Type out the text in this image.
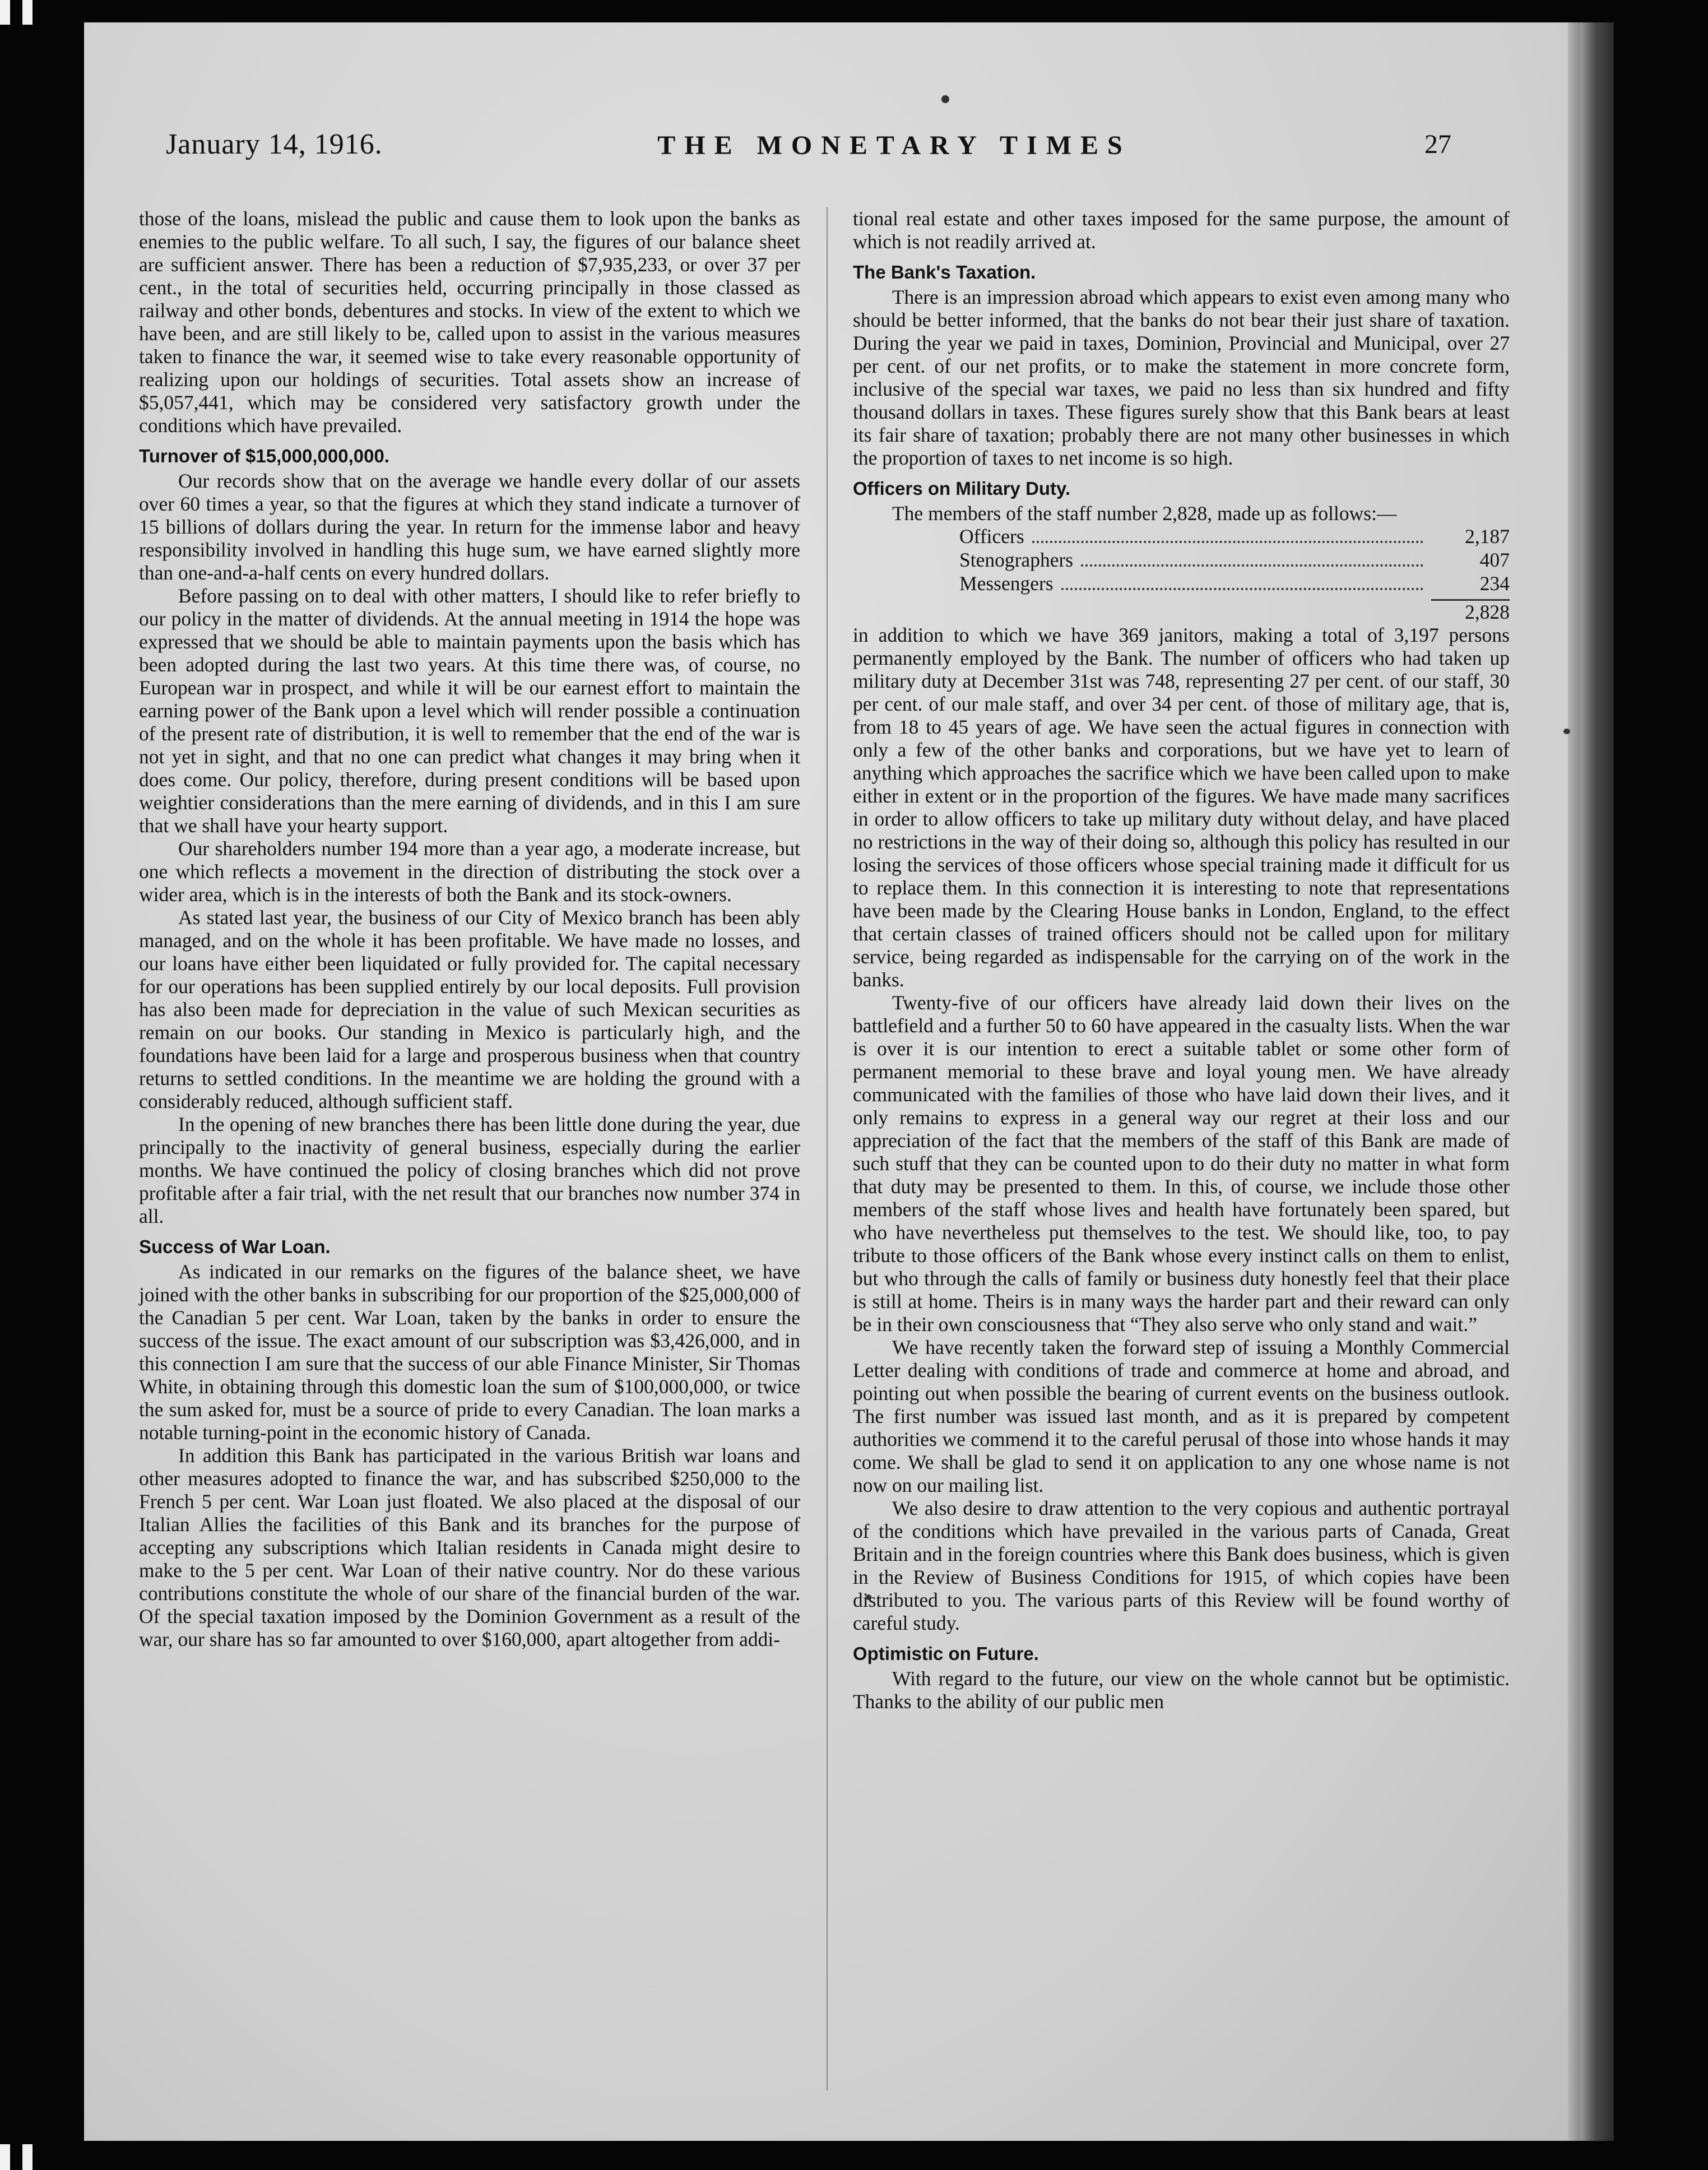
January 14, 1916.	THE MONETARY TIMES	27

those of the loans, mislead the public and cause them to look upon the banks as enemies to the public welfare. To all such, I say, the figures of our balance sheet are sufficient answer. There has been a reduction of $7,935,233, or over 37 per cent., in the total of securities held, occurring principally in those classed as railway and other bonds, debentures and stocks. In view of the extent to which we have been, and are still likely to be, called upon to assist in the various measures taken to finance the war, it seemed wise to take every reasonable opportunity of realizing upon our holdings of securities. Total assets show an increase of $5,057,441, which may be considered very satisfactory growth under the conditions which have prevailed.

Turnover of $15,000,000,000.

Our records show that on the average we handle every dollar of our assets over 60 times a year, so that the figures at which they stand indicate a turnover of 15 billions of dollars during the year. In return for the immense labor and heavy responsibility involved in handling this huge sum, we have earned slightly more than one-and-a-half cents on every hundred dollars.

Before passing on to deal with other matters, I should like to refer briefly to our policy in the matter of dividends. At the annual meeting in 1914 the hope was expressed that we should be able to maintain payments upon the basis which has been adopted during the last two years. At this time there was, of course, no European war in prospect, and while it will be our earnest effort to maintain the earning power of the Bank upon a level which will render possible a continuation of the present rate of distribution, it is well to remember that the end of the war is not yet in sight, and that no one can predict what changes it may bring when it does come. Our policy, therefore, during present conditions will be based upon weightier considerations than the mere earning of dividends, and in this I am sure that we shall have your hearty support.

Our shareholders number 194 more than a year ago, a moderate increase, but one which reflects a movement in the direction of distributing the stock over a wider area, which is in the interests of both the Bank and its stock-owners.

As stated last year, the business of our City of Mexico branch has been ably managed, and on the whole it has been profitable. We have made no losses, and our loans have either been liquidated or fully provided for. The capital necessary for our operations has been supplied entirely by our local deposits. Full provision has also been made for depreciation in the value of such Mexican securities as remain on our books. Our standing in Mexico is particularly high, and the foundations have been laid for a large and prosperous business when that country returns to settled conditions. In the meantime we are holding the ground with a considerably reduced, although sufficient staff.

In the opening of new branches there has been little done during the year, due principally to the inactivity of general business, especially during the earlier months. We have continued the policy of closing branches which did not prove profitable after a fair trial, with the net result that our branches now number 374 in all.

Success of War Loan.

As indicated in our remarks on the figures of the balance sheet, we have joined with the other banks in subscribing for our proportion of the $25,000,000 of the Canadian 5 per cent. War Loan, taken by the banks in order to ensure the success of the issue. The exact amount of our subscription was $3,426,000, and in this connection I am sure that the success of our able Finance Minister, Sir Thomas White, in obtaining through this domestic loan the sum of $100,000,000, or twice the sum asked for, must be a source of pride to every Canadian. The loan marks a notable turning-point in the economic history of Canada.

In addition this Bank has participated in the various British war loans and other measures adopted to finance the war, and has subscribed $250,000 to the French 5 per cent. War Loan just floated. We also placed at the disposal of our Italian Allies the facilities of this Bank and its branches for the purpose of accepting any subscriptions which Italian residents in Canada might desire to make to the 5 per cent. War Loan of their native country. Nor do these various contributions constitute the whole of our share of the financial burden of the war. Of the special taxation imposed by the Dominion Government as a result of the war, our share has so far amounted to over $160,000, apart altogether from addi-

tional real estate and other taxes imposed for the same purpose, the amount of which is not readily arrived at.

The Bank's Taxation.

There is an impression abroad which appears to exist even among many who should be better informed, that the banks do not bear their just share of taxation. During the year we paid in taxes, Dominion, Provincial and Municipal, over 27 per cent. of our net profits, or to make the statement in more concrete form, inclusive of the special war taxes, we paid no less than six hundred and fifty thousand dollars in taxes. These figures surely show that this Bank bears at least its fair share of taxation; probably there are not many other businesses in which the proportion of taxes to net income is so high.

Officers on Military Duty.

The members of the staff number 2,828, made up as follows:—

Officers	2,187
Stenographers	407
Messengers	234
2,828

in addition to which we have 369 janitors, making a total of 3,197 persons permanently employed by the Bank. The number of officers who had taken up military duty at December 31st was 748, representing 27 per cent. of our staff, 30 per cent. of our male staff, and over 34 per cent. of those of military age, that is, from 18 to 45 years of age. We have seen the actual figures in connection with only a few of the other banks and corporations, but we have yet to learn of anything which approaches the sacrifice which we have been called upon to make either in extent or in the proportion of the figures. We have made many sacrifices in order to allow officers to take up military duty without delay, and have placed no restrictions in the way of their doing so, although this policy has resulted in our losing the services of those officers whose special training made it difficult for us to replace them. In this connection it is interesting to note that representations have been made by the Clearing House banks in London, England, to the effect that certain classes of trained officers should not be called upon for military service, being regarded as indispensable for the carrying on of the work in the banks.

Twenty-five of our officers have already laid down their lives on the battlefield and a further 50 to 60 have appeared in the casualty lists. When the war is over it is our intention to erect a suitable tablet or some other form of permanent memorial to these brave and loyal young men. We have already communicated with the families of those who have laid down their lives, and it only remains to express in a general way our regret at their loss and our appreciation of the fact that the members of the staff of this Bank are made of such stuff that they can be counted upon to do their duty no matter in what form that duty may be presented to them. In this, of course, we include those other members of the staff whose lives and health have fortunately been spared, but who have nevertheless put themselves to the test. We should like, too, to pay tribute to those officers of the Bank whose every instinct calls on them to enlist, but who through the calls of family or business duty honestly feel that their place is still at home. Theirs is in many ways the harder part and their reward can only be in their own consciousness that “They also serve who only stand and wait.”

We have recently taken the forward step of issuing a Monthly Commercial Letter dealing with conditions of trade and commerce at home and abroad, and pointing out when possible the bearing of current events on the business outlook. The first number was issued last month, and as it is prepared by competent authorities we commend it to the careful perusal of those into whose hands it may come. We shall be glad to send it on application to any one whose name is not now on our mailing list.

We also desire to draw attention to the very copious and authentic portrayal of the conditions which have prevailed in the various parts of Canada, Great Britain and in the foreign countries where this Bank does business, which is given in the Review of Business Conditions for 1915, of which copies have been distributed to you. The various parts of this Review will be found worthy of careful study.

Optimistic on Future.

With regard to the future, our view on the whole cannot but be optimistic. Thanks to the ability of our public men
